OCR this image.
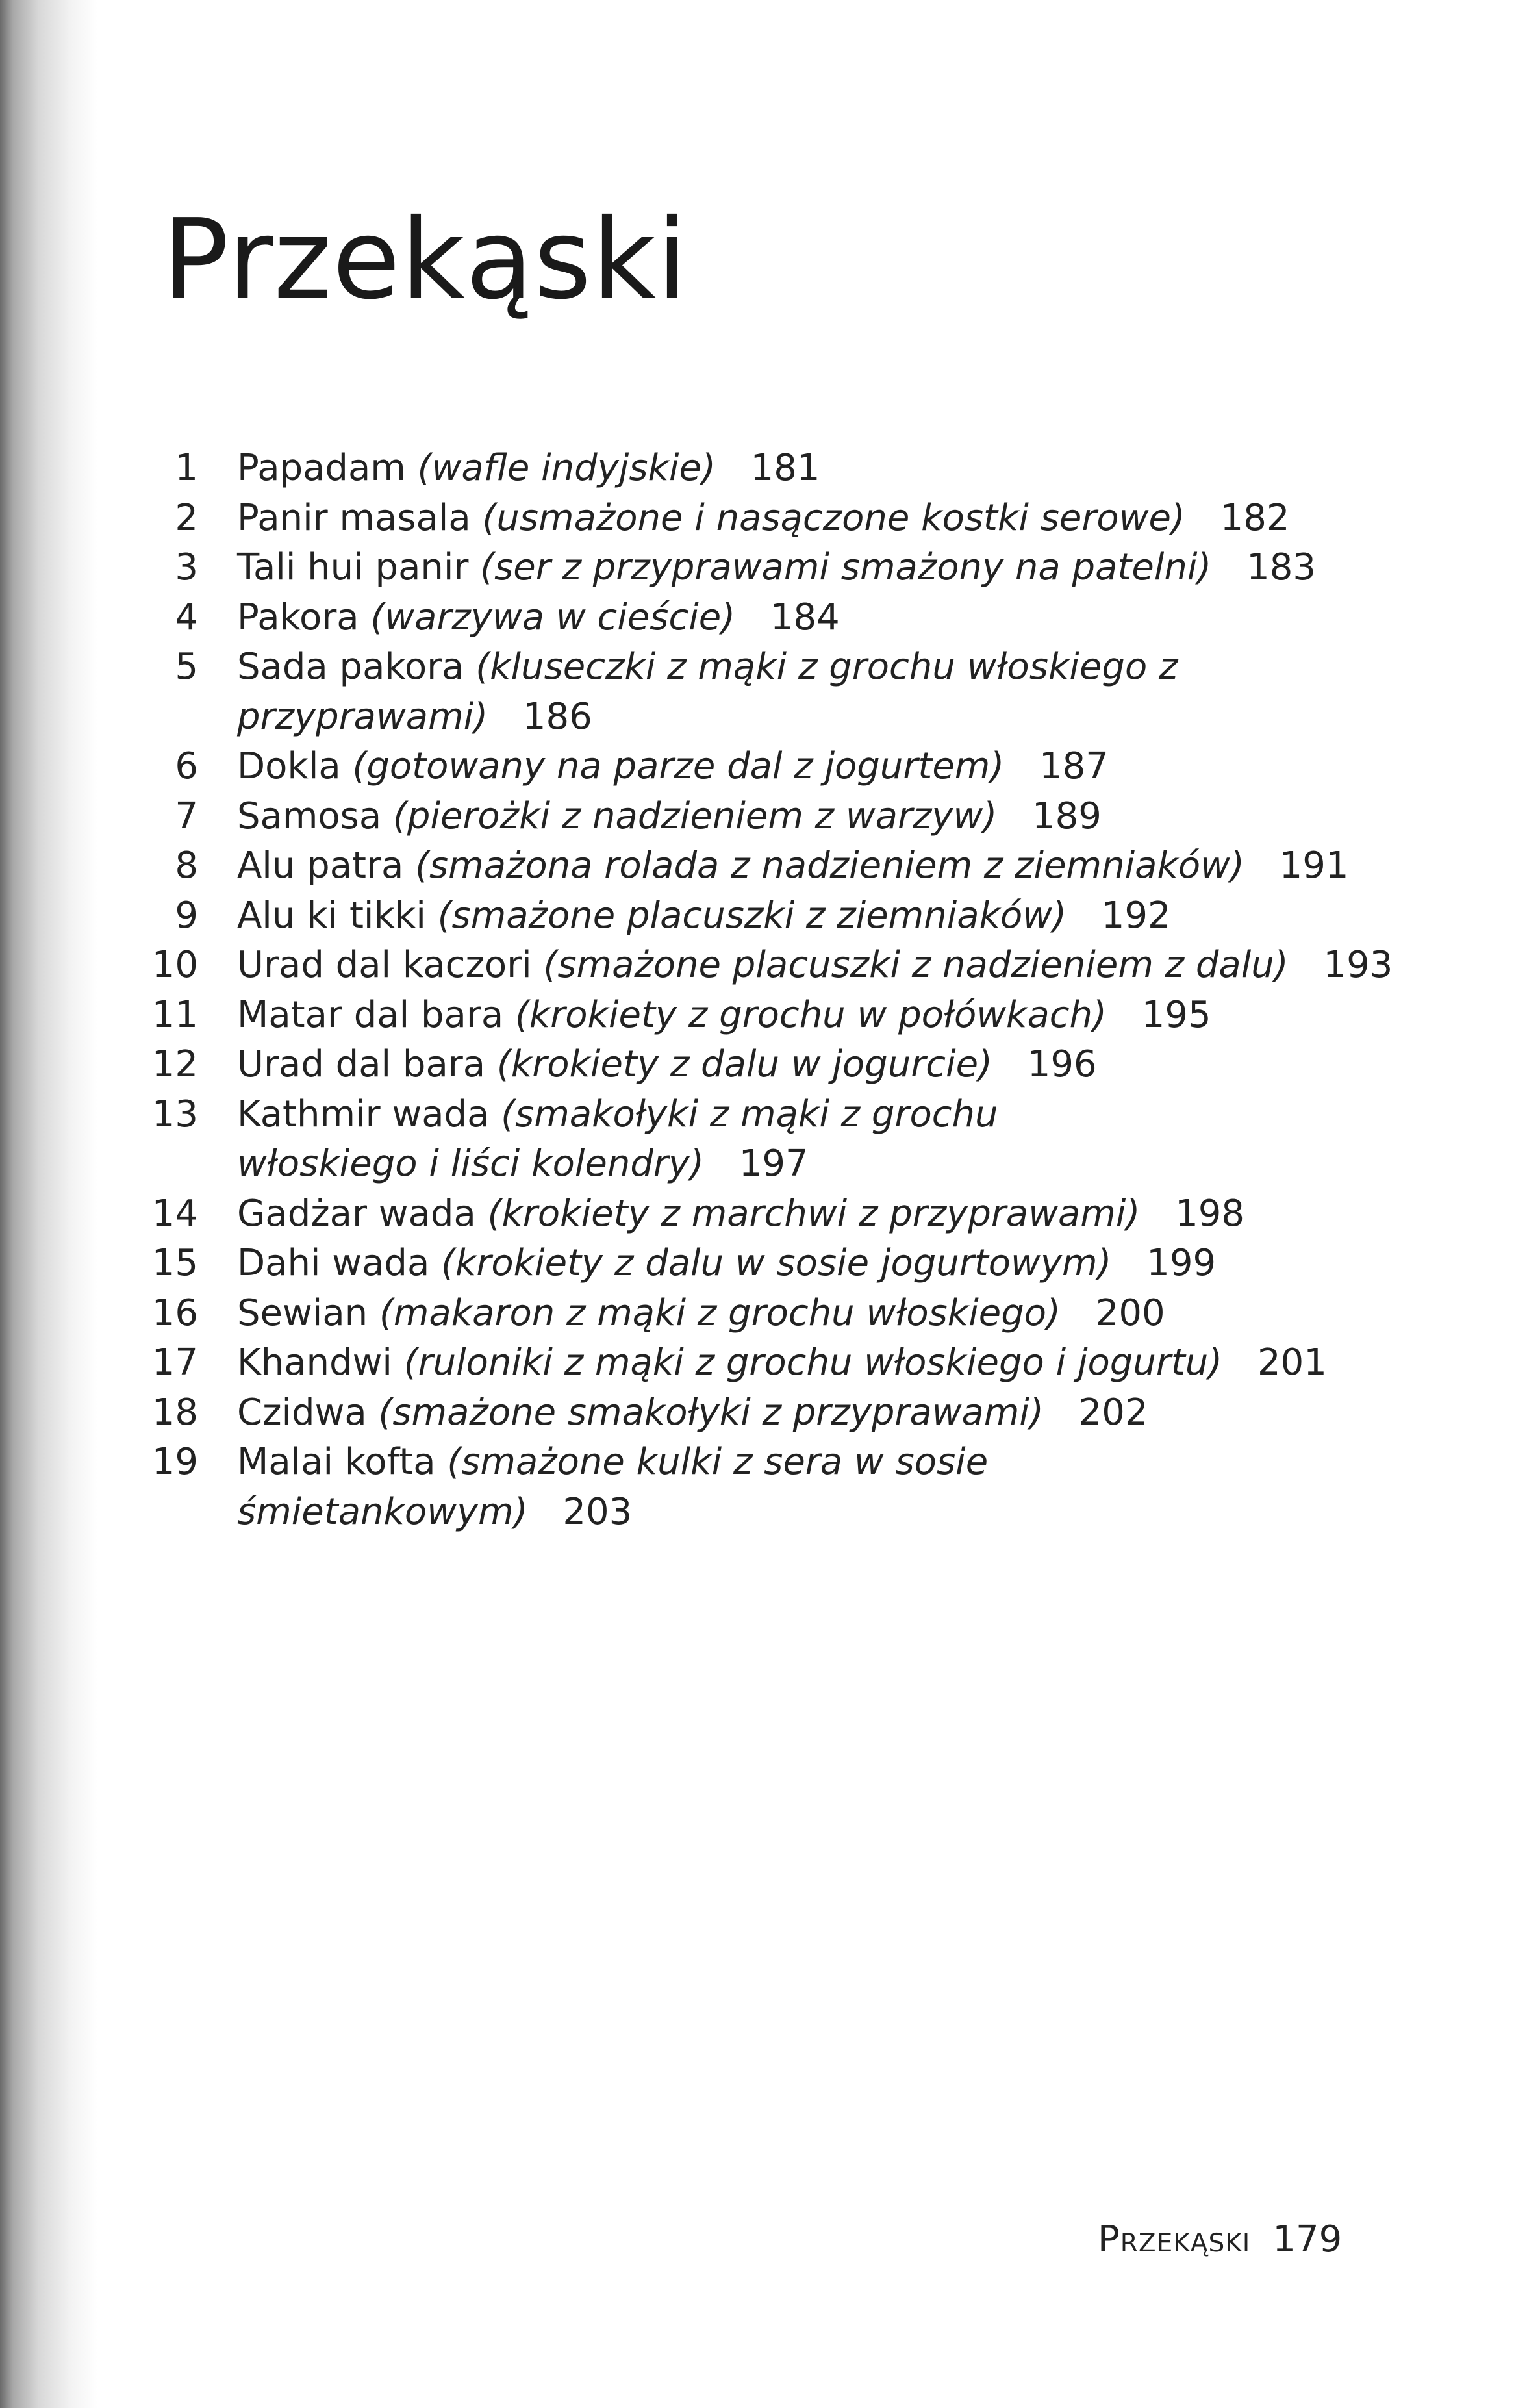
Przekąski
1 Papadam (wafle indyjskie) 181
2 Panir masala (usmażone i nasączone kostki serowe) 182
3 Tali hui panir (ser z przyprawami smażony na patelni) 183
4 Pakora (warzywa w cieście) 184
5 Sada pakora (kluseczki z mąki z grochu włoskiego z przyprawami) 186
6 Dokla (gotowany na parze dal z jogurtem) 187
7 Samosa (pierożki z nadzieniem z warzyw) 189
8 Alu patra (smażona rolada z nadzieniem z ziemniaków) 191
9 Alu ki tikki (smażone placuszki z ziemniaków) 192
10 Urad dal kaczori (smażone placuszki z nadzieniem z dalu) 193
11 Matar dal bara (krokiety z grochu w połówkach) 195
12 Urad dal bara (krokiety z dalu w jogurcie) 196
13 Kathmir wada (smakołyki z mąki z grochu włoskiego i liści kolendry) 197
14 Gadżar wada (krokiety z marchwi z przyprawami) 198
15 Dahi wada (krokiety z dalu w sosie jogurtowym) 199
16 Sewian (makaron z mąki z grochu włoskiego) 200
17 Khandwi (ruloniki z mąki z grochu włoskiego i jogurtu) 201
18 Czidwa (smażone smakołyki z przyprawami) 202
19 Malai kofta (smażone kulki z sera w sosie śmietankowym) 203
Przekąski 179
